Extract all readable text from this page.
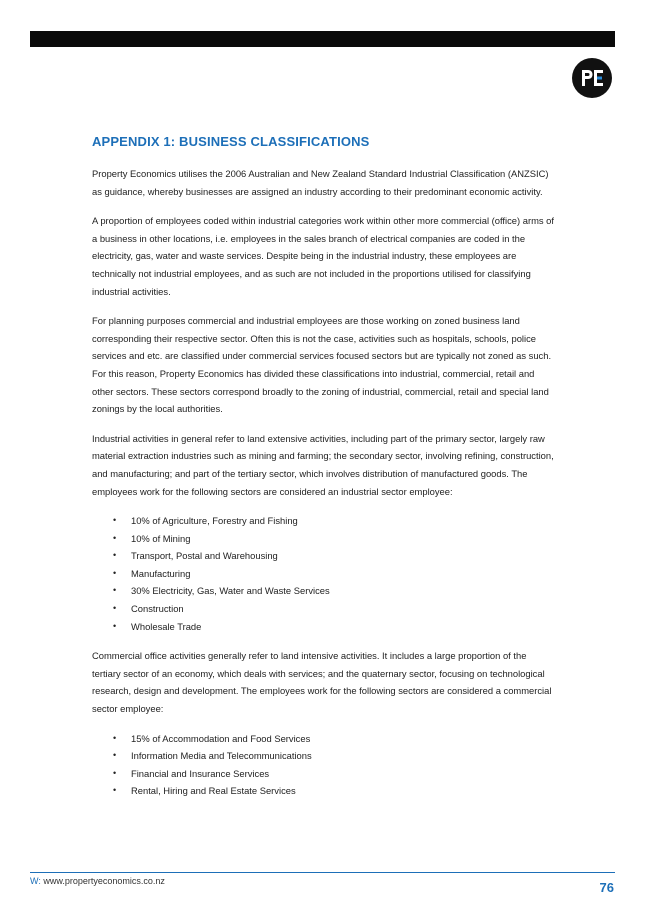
APPENDIX 1: BUSINESS CLASSIFICATIONS

Property Economics utilises the 2006 Australian and New Zealand Standard Industrial Classification (ANZSIC) as guidance, whereby businesses are assigned an industry according to their predominant economic activity.

A proportion of employees coded within industrial categories work within other more commercial (office) arms of a business in other locations, i.e. employees in the sales branch of electrical companies are coded in the electricity, gas, water and waste services. Despite being in the industrial industry, these employees are technically not industrial employees, and as such are not included in the proportions utilised for classifying industrial activities.

For planning purposes commercial and industrial employees are those working on zoned business land corresponding their respective sector. Often this is not the case, activities such as hospitals, schools, police services and etc. are classified under commercial services focused sectors but are typically not zoned as such. For this reason, Property Economics has divided these classifications into industrial, commercial, retail and other sectors. These sectors correspond broadly to the zoning of industrial, commercial, retail and special land zonings by the local authorities.

Industrial activities in general refer to land extensive activities, including part of the primary sector, largely raw material extraction industries such as mining and farming; the secondary sector, involving refining, construction, and manufacturing; and part of the tertiary sector, which involves distribution of manufactured goods. The employees work for the following sectors are considered an industrial sector employee:

• 10% of Agriculture, Forestry and Fishing
• 10% of Mining
• Transport, Postal and Warehousing
• Manufacturing
• 30% Electricity, Gas, Water and Waste Services
• Construction
• Wholesale Trade

Commercial office activities generally refer to land intensive activities. It includes a large proportion of the tertiary sector of an economy, which deals with services; and the quaternary sector, focusing on technological research, design and development. The employees work for the following sectors are considered a commercial sector employee:

• 15% of Accommodation and Food Services
• Information Media and Telecommunications
• Financial and Insurance Services
• Rental, Hiring and Real Estate Services
W: www.propertyeconomics.co.nz	76
